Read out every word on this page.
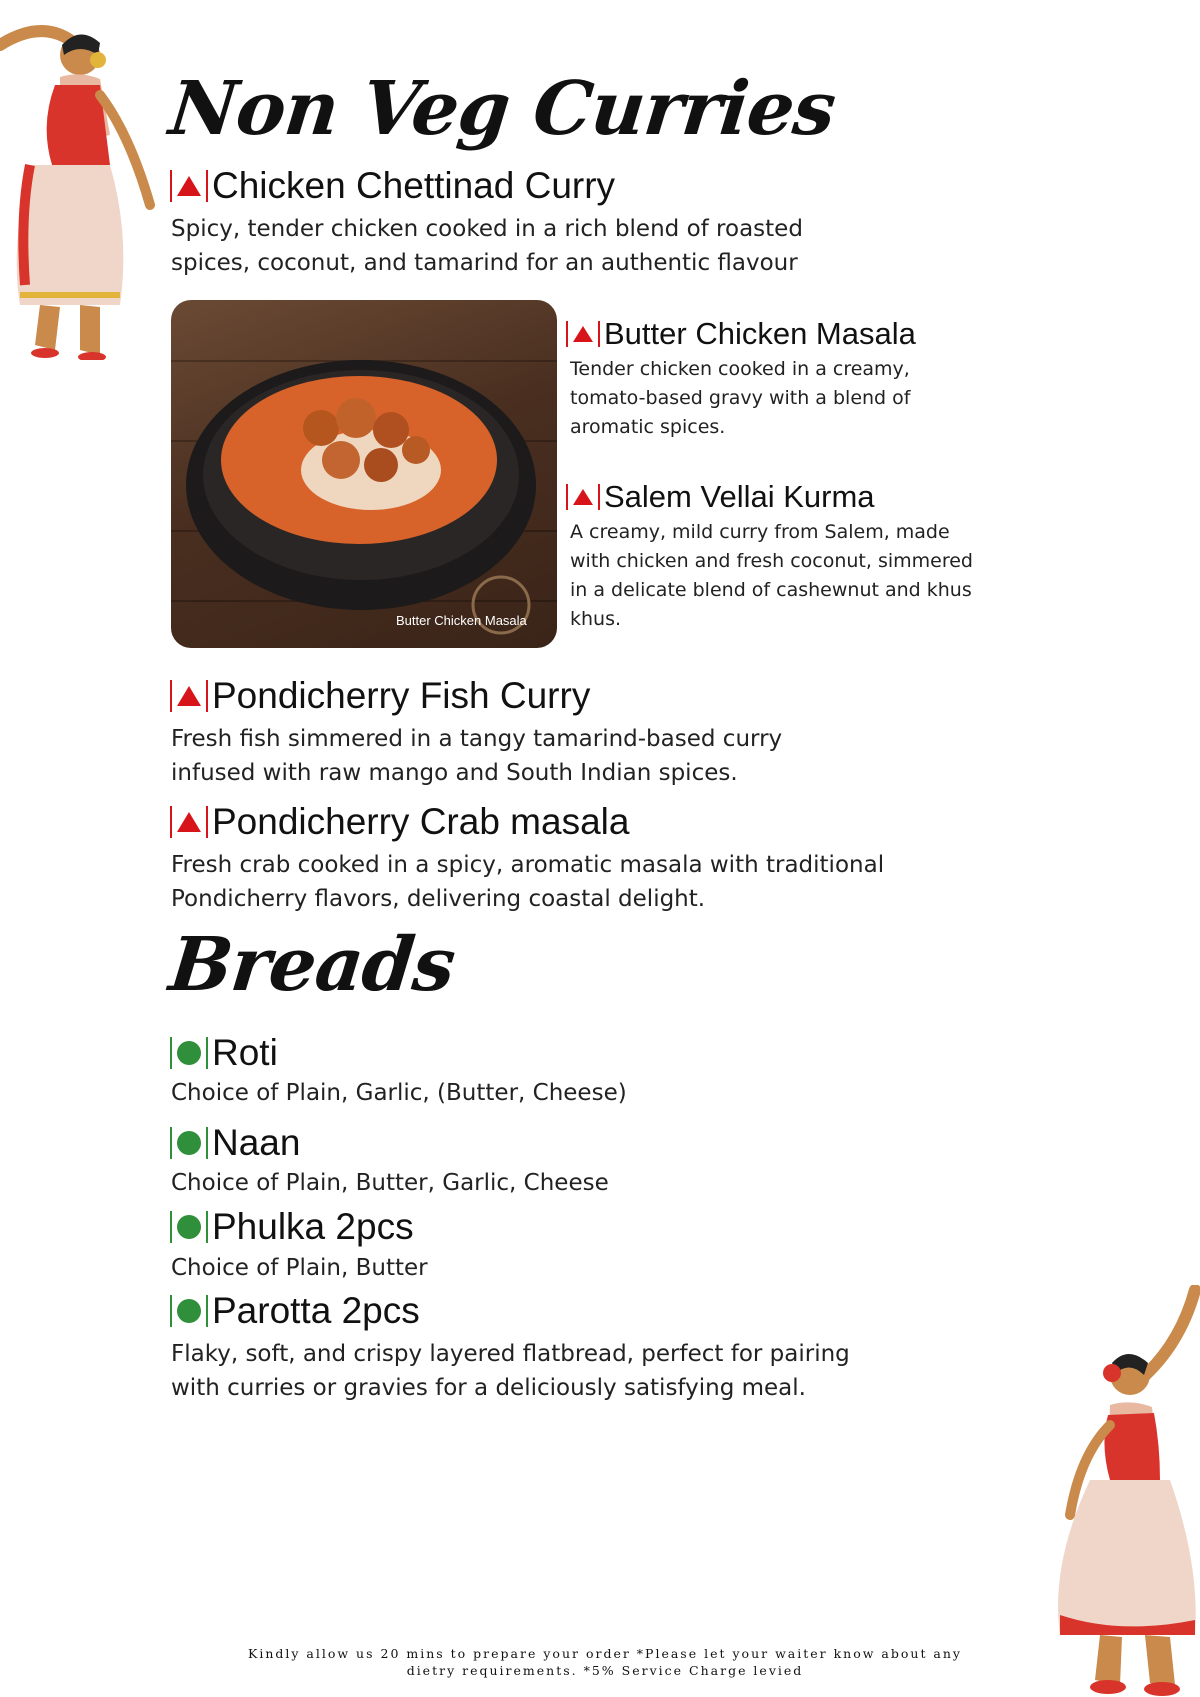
Non Veg Curries
Chicken Chettinad Curry

Spicy, tender chicken cooked in a rich blend of roasted spices, coconut, and tamarind for an authentic flavour

Butter Chicken Masala
Butter Chicken Masala

Tender chicken cooked in a creamy, tomato-based gravy with a blend of aromatic spices.

Salem Vellai Kurma

A creamy, mild curry from Salem, made with chicken and fresh coconut, simmered in a delicate blend of cashewnut and khus khus.

Pondicherry Fish Curry

Fresh fish simmered in a tangy tamarind-based curry infused with raw mango and South Indian spices.

Pondicherry Crab masala

Fresh crab cooked in a spicy, aromatic masala with traditional Pondicherry flavors, delivering coastal delight.

Breads
Roti

Choice of Plain, Garlic, (Butter, Cheese)

Naan

Choice of Plain, Butter, Garlic, Cheese

Phulka 2pcs

Choice of Plain, Butter

Parotta 2pcs

Flaky, soft, and crispy layered flatbread, perfect for pairing with curries or gravies for a deliciously satisfying meal.

Kindly allow us 20 mins to prepare your order *Please let your waiter know about any
dietry requirements. *5% Service Charge levied
